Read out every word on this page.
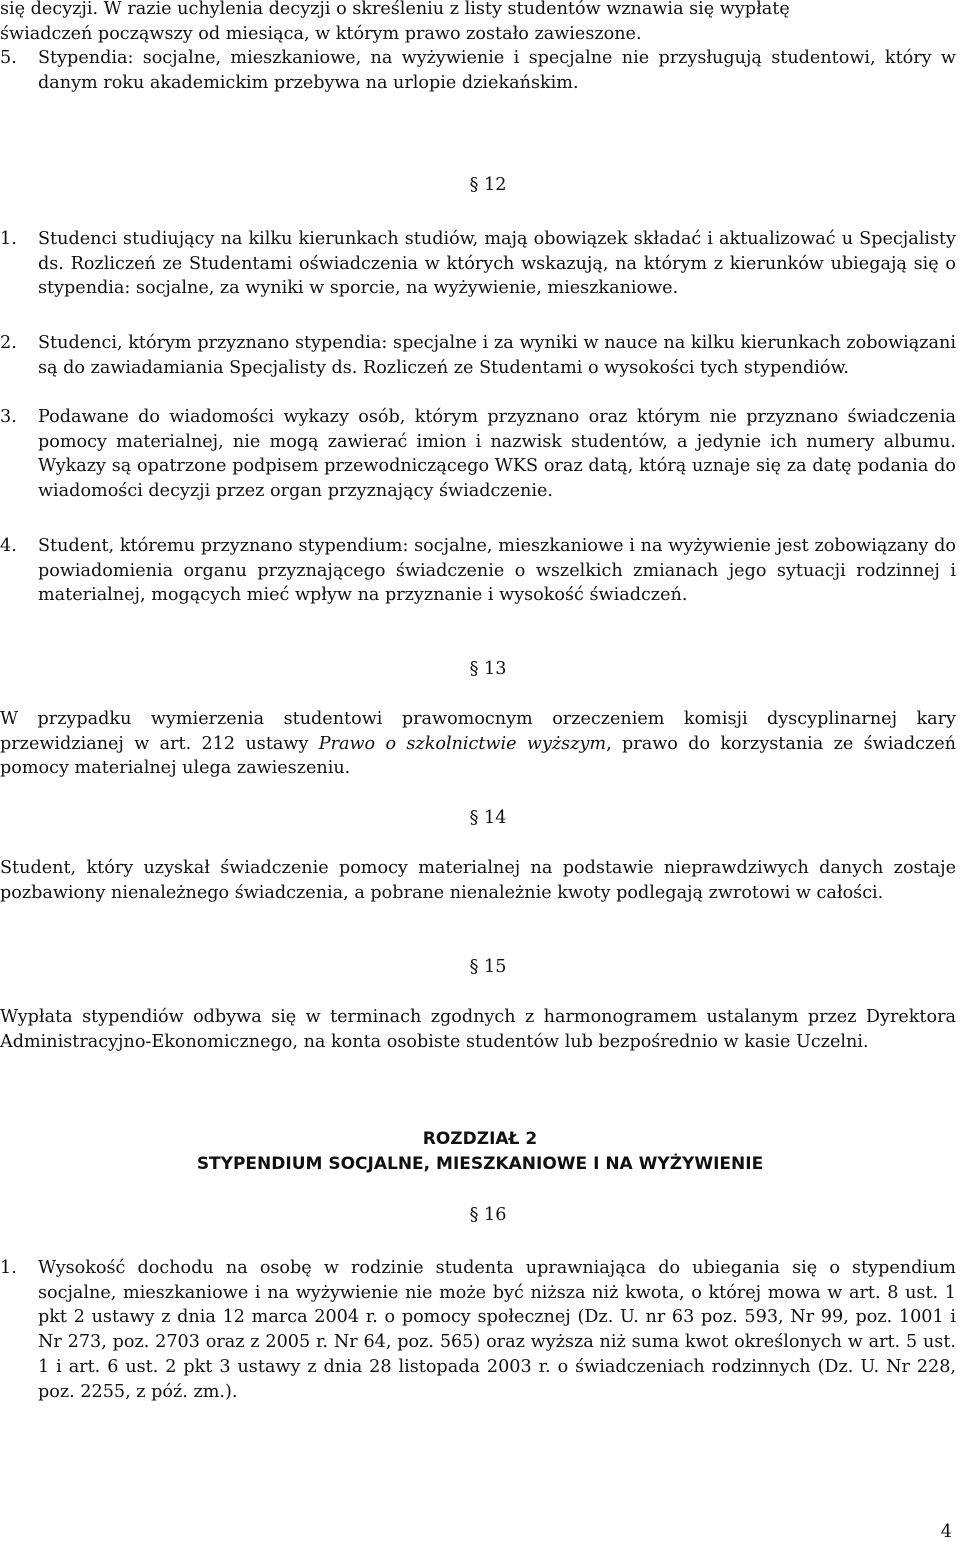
się decyzji. W razie uchylenia decyzji o skreśleniu z listy studentów wznawia się wypłatę
świadczeń począwszy od miesiąca, w którym prawo zostało zawieszone.
5.	Stypendia: socjalne, mieszkaniowe, na wyżywienie i specjalne nie przysługują studentowi, który w danym roku akademickim przebywa na urlopie dziekańskim.
§ 12
1.	Studenci studiujący na kilku kierunkach studiów, mają obowiązek składać i aktualizować u Specjalisty ds. Rozliczeń ze Studentami oświadczenia w których wskazują, na którym z kierunków ubiegają się o stypendia: socjalne, za wyniki w sporcie, na wyżywienie, mieszkaniowe.
2.	Studenci, którym przyznano stypendia: specjalne i za wyniki w nauce na kilku kierunkach zobowiązani są do zawiadamiania Specjalisty ds. Rozliczeń ze Studentami o wysokości tych stypendiów.
3.	Podawane do wiadomości wykazy osób, którym przyznano oraz którym nie przyznano świadczenia pomocy materialnej, nie mogą zawierać imion i nazwisk studentów, a jedynie ich numery albumu. Wykazy są opatrzone podpisem przewodniczącego WKS oraz datą, którą uznaje się za datę podania do wiadomości decyzji przez organ przyznający świadczenie.
4.	Student, któremu przyznano stypendium: socjalne, mieszkaniowe i na wyżywienie jest zobowiązany do powiadomienia organu przyznającego świadczenie o wszelkich zmianach jego sytuacji rodzinnej i materialnej, mogących mieć wpływ na przyznanie i wysokość świadczeń.
§ 13
W przypadku wymierzenia studentowi prawomocnym orzeczeniem komisji dyscyplinarnej kary przewidzianej w art. 212 ustawy Prawo o szkolnictwie wyższym, prawo do korzystania ze świadczeń pomocy materialnej ulega zawieszeniu.
§ 14
Student, który uzyskał świadczenie pomocy materialnej na podstawie nieprawdziwych danych zostaje pozbawiony nienależnego świadczenia, a pobrane nienależnie kwoty podlegają zwrotowi w całości.
§ 15
Wypłata stypendiów odbywa się w terminach zgodnych z harmonogramem ustalanym przez Dyrektora Administracyjno-Ekonomicznego, na konta osobiste studentów lub bezpośrednio w kasie Uczelni.
ROZDZIAŁ 2
STYPENDIUM SOCJALNE, MIESZKANIOWE I NA WYŻYWIENIE
§ 16
1.	Wysokość dochodu na osobę w rodzinie studenta uprawniająca do ubiegania się o stypendium socjalne, mieszkaniowe i na wyżywienie nie może być niższa niż kwota, o której mowa w art. 8 ust. 1 pkt 2 ustawy z dnia 12 marca 2004 r. o pomocy społecznej (Dz. U. nr 63 poz. 593, Nr 99, poz. 1001 i Nr 273, poz. 2703 oraz z 2005 r. Nr 64, poz. 565) oraz wyższa niż suma kwot określonych w art. 5 ust. 1 i art. 6 ust. 2 pkt 3 ustawy z dnia 28 listopada 2003 r. o świadczeniach rodzinnych (Dz. U. Nr 228, poz. 2255, z póź. zm.).
4
